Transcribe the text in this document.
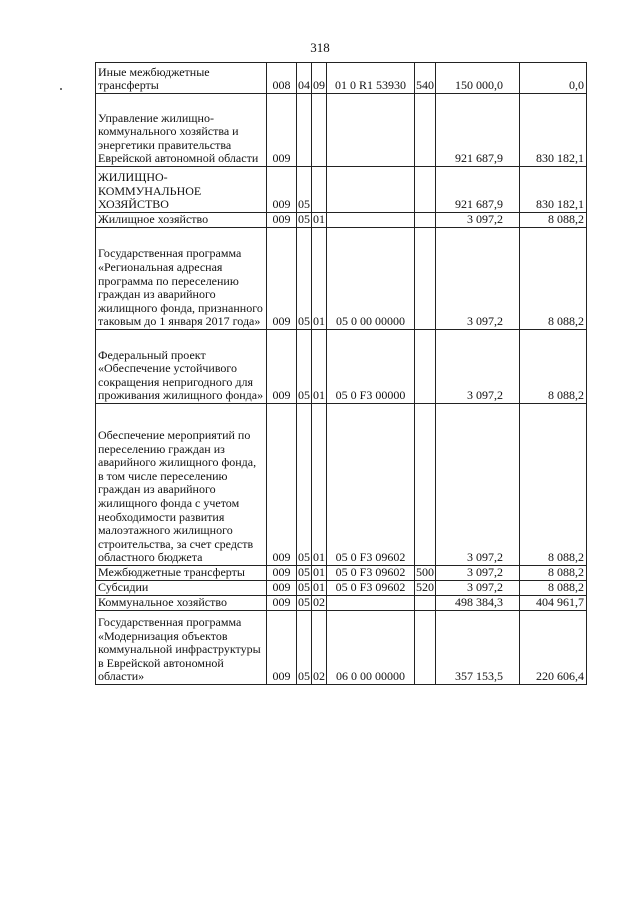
318
Иные межбюджетные трансферты	008	04	09	01 0 R1 53930	540	150 000,0	0,0
Управление жилищно-коммунального хозяйства и энергетики правительства Еврейской автономной области	009					921 687,9	830 182,1
ЖИЛИЩНО-КОММУНАЛЬНОЕ ХОЗЯЙСТВО	009	05				921 687,9	830 182,1
Жилищное хозяйство	009	05	01			3 097,2	8 088,2
Государственная программа «Региональная адресная программа по переселению граждан из аварийного жилищного фонда, признанного таковым до 1 января 2017 года»	009	05	01	05 0 00 00000		3 097,2	8 088,2
Федеральный проект «Обеспечение устойчивого сокращения непригодного для проживания жилищного фонда»	009	05	01	05 0 F3 00000		3 097,2	8 088,2
Обеспечение мероприятий по переселению граждан из аварийного жилищного фонда, в том числе переселению граждан из аварийного жилищного фонда с учетом необходимости развития малоэтажного жилищного строительства, за счет средств областного бюджета	009	05	01	05 0 F3 09602		3 097,2	8 088,2
Межбюджетные трансферты	009	05	01	05 0 F3 09602	500	3 097,2	8 088,2
Субсидии	009	05	01	05 0 F3 09602	520	3 097,2	8 088,2
Коммунальное хозяйство	009	05	02			498 384,3	404 961,7
Государственная программа «Модернизация объектов коммунальной инфраструктуры в Еврейской автономной области»	009	05	02	06 0 00 00000		357 153,5	220 606,4
